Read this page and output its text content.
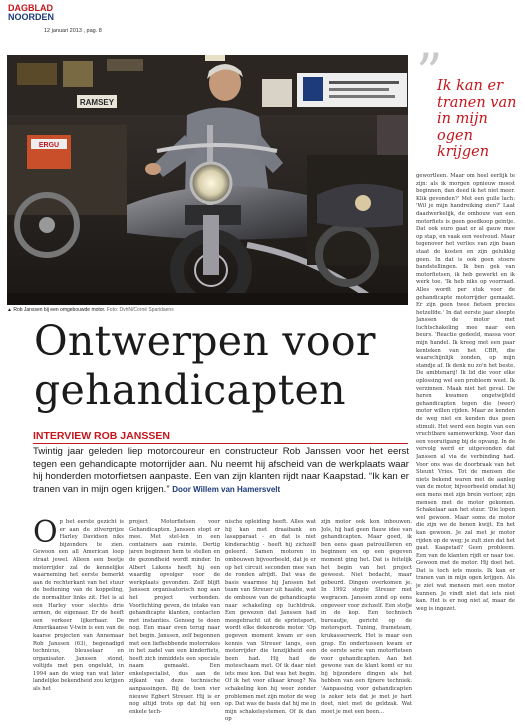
DAGBLAD
NOORDEN
12 januari 2013 , pag. 8
RAMSEY
ERGU
▲ Rob Janssen bij een omgebouwde motor. Foto: DvhN/Corné Sparidaens
”
Ik kan er tranen van in mijn ogen krijgen
Ontwerpen voor gehandicapten
INTERVIEW ROB JANSSEN
Twintig jaar geleden liep motorcoureur en constructeur Rob Janssen voor het eerst tegen een gehandicapte motorrijder aan. Nu neemt hij afscheid van de werkplaats waar hij honderden motorfietsen aanpaste. Een van zijn klanten rijdt naar Kaapstad. “Ik kan er tranen van in mijn ogen krijgen.” Door Willem van Hamersvelt
O p het eerste gezicht is er aan de zilvergrijze Harley Davidson niks bijzonders te zien. Gewoon een all American loop straat jewel. Alleen een beetje motorrijder zal de kennelijke waarneming het eerste bemerkt aan de rechterkant van het stuur de bediening van de koppeling, de normaliter links zit. Het is al een Harley voor slechts drie armen, de eigenaar. Er de heeft een verkeer lijkerbaar. De Amerikaanse V-twin is een van de kaarse projecten van Annemaar Rob Janssen (63), begenadigd technicus, bleuselaar en organisator. Janssen stond, voltijds met pen ongelukt, in 1994 aan de wieg van wat later landelijke bekendheid zou krijgen als het

project Motorfietsen voor Gehandicapten. Janssen stopt er mee. Met stel-len in een containers aan ruimte. Dertig jaren beginnen hem te stellen en de gezondheid wordt minder. In Albert Lukens heeft hij een waardig opvolger voor de werkplaats gevonden. Zelf blijft Janssen organisatorisch nog aan het project verbonden. Voorlichting geven, de intake van gehandicapte klanten, contacten met instanties. Genoeg te doen nog. Een maar even terug naar het begin. Janssen, zelf begonnen met een liefhebbende motorrakes in het zadel van een kinderfiets, heeft zich inmiddels een speciale naam gemaakt. Een enkelspecialist, dus aan de zijkant van deze technische aanpassingen. Bij de toen vier nieuwe Egbert Streuer. Hij is er nog altijd trots op dat hij een enkele tech-

nische opleiding heeft. Alles wat hij kan met draaibank en lasapparaat - en dat is niet kinderachtig - heeft hij zichzelf geleerd. Samen motoren in ombouwen bijvoorbeeld, dat je er op het circuit seconden mee van de ronden afrijdt. Dat was de basis waarmee hij Janssen het team van Streuer uit haalde, wat de ombouw van de gehandicapte naar schakeling op luchtdruk. Een gewezen dat Janssen had meegebracht uit de sprintsport, wordt elke dekenrode motor. 'Op gegeven moment kwam er een kennis van Streuer langs, een motorrijder die tenzijkheid een been had. Hij had de moteschaam met. Of ik daar niet iets mee kon. Dat was het begin. Of ik het voor elkaar kreeg? Na schakeling kon hij weer zonder problemen met zijn motor de weg op. Dat was de basis dat hij me in mijn schakelsystemen. Of ik dan op

zijn motor ook kon inbouwen. Jols, hij had geen flauw idee van gehandicapten. Maar goed, ik ben eens gaan patrouilleren en beginnen en op een gegeven moment ging het. Dat is feitelijk het begin van het project geweest. Niet bedacht, maar gebeurd. Dingen overkomen je. In 1992 stopte Streuer met wegracen. Janssen zond op eens ongeveer voor zichzelf. Een stofje in de kop. Een technisch bureautje, gericht op de motorsport. Tuning, frameteam, krukasserwerk. Het is maar een grap. En ondertussen kwam er de eerste serie van motorfietsen voor gehandicapten. Aan het gewone van de klant komt er nu bij bijzondere dingen als het hebben van een fijnere techniek. 'Aanpassing voor gehandicapten is zeker iets dat je met je hart doet, niet met de geldzak. Wat moet je met een been...

gewortleen. Maar om heel eerlijk te zijn: als ik morgen opnieuw moest beginnen, dan deed ik het niet meer. Klik gevonden?' Met een gulle lach: 'Wil je mijn handreiking zien?' Laat daadwerkelijk, de ombouw van een motorfiets is geen goedkoop geintje. Dat ook euro gaat er al gauw mee op stap, en vaak een veelvoud. Maar tegenover het verlies van zijn baan staat de kosten en zijn gelukkig geen. In dat is ook geen stoere bandstellingen. Ik ben gek van motorfietsen, ik heb gewerkt en ik werk toe. 'Ik heb niks op voorraad. Alles wordt per stuk voor de gehandicapte motorrijder gemaakt. Er zijn geen twee fietsen precies hetzelfde.' In dat eerste jaar sleepte Janssen de motor met luchtschakeling mee naar een beurs. 'Reactie gedeeld, massa voor mijn handel. Ik kreeg met een paar kenteken van het CBR, die waarschijnlijk zonden, op mijn standje af. Ik denk nu zo'n het beste. De ambtenarij! Ik lid die voor elke oplossing wel een probleem weet. Ik verzinnen. Maak niet het geval. De heren kwamen ongetwijfeld gehandicapten tegen die (weer) motor willen rijden. Maar ze kenden de weg niet en kenden dus geen stimuli. Het werd een begin van een vruchtbare samenwerking. Voor dan een vooruitgang bij de opvang. In de vervolg werd er uitgevonden dat Janssen al via de verbinding had. Voor ons was de doorbraak van het Steunt Vries. Tot de mensen die niets bekend waren met de aanleg van de motor, bijvoorbeeld omdat hij een mens met zijn brein verloor, zijn mensen met de motor gekomen. Schakelaar aan het stuur. 'Die lopen wel gewoon. Maar soms de motor die zijn we de benen kwijt. En het kan gewoon. Je zal met je motor rijden op de weg; je zult zien dat het gaat. Kaapstad? Geen probleem. Een van de klanten rijdt er naar toe. Gewoon met de motor. Hij doet het. Dat is toch iets moois. Ik kan er tranen van in mijn ogen krijgen. Als je ziet wat mensen met een motor kunnen. Je vindt niet dat iets niet kan. Het is er nog niet af, maar de weg is ingezet.
